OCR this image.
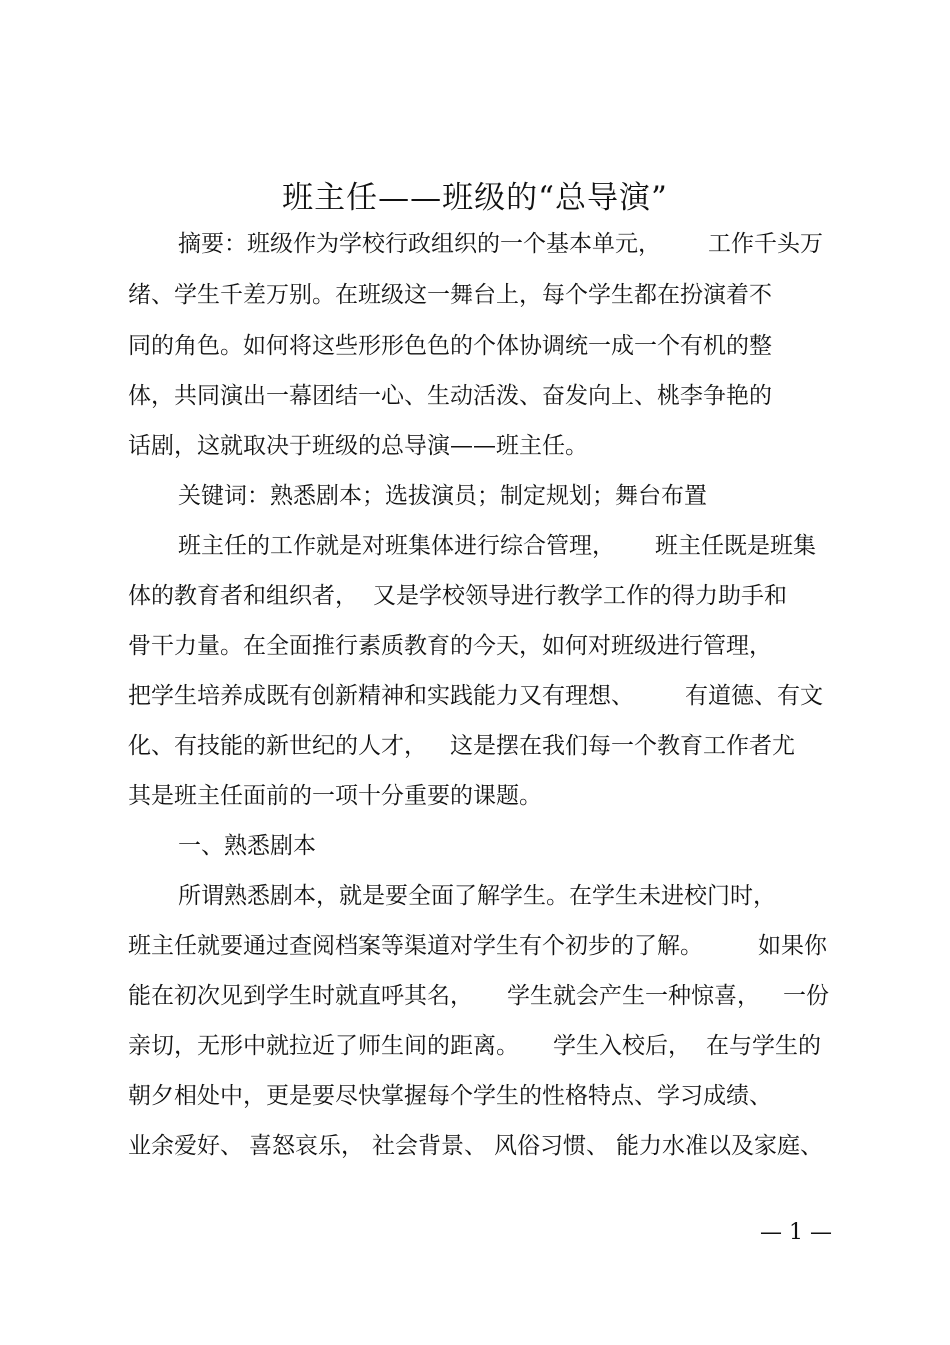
班主任——班级的“总导演”
摘要：班级作为学校行政组织的一个基本单元， 工作千头万
绪、学生千差万别。在班级这一舞台上，每个学生都在扮演着不
同的角色。如何将这些形形色色的个体协调统一成一个有机的整
体，共同演出一幕团结一心、生动活泼、奋发向上、桃李争艳的
话剧，这就取决于班级的总导演——班主任。
关键词：熟悉剧本；选拔演员；制定规划；舞台布置
班主任的工作就是对班集体进行综合管理， 班主任既是班集
体的教育者和组织者， 又是学校领导进行教学工作的得力助手和
骨干力量。在全面推行素质教育的今天，如何对班级进行管理，
把学生培养成既有创新精神和实践能力又有理想、 有道德、有文
化、有技能的新世纪的人才， 这是摆在我们每一个教育工作者尤
其是班主任面前的一项十分重要的课题。
一、熟悉剧本
所谓熟悉剧本，就是要全面了解学生。在学生未进校门时，
班主任就要通过查阅档案等渠道对学生有个初步的了解。 如果你
能在初次见到学生时就直呼其名， 学生就会产生一种惊喜， 一份
亲切，无形中就拉近了师生间的距离。 学生入校后， 在与学生的
朝夕相处中，更是要尽快掌握每个学生的性格特点、学习成绩、
业余爱好、 喜怒哀乐， 社会背景、 风俗习惯、 能力水准以及家庭、
— 1 —
